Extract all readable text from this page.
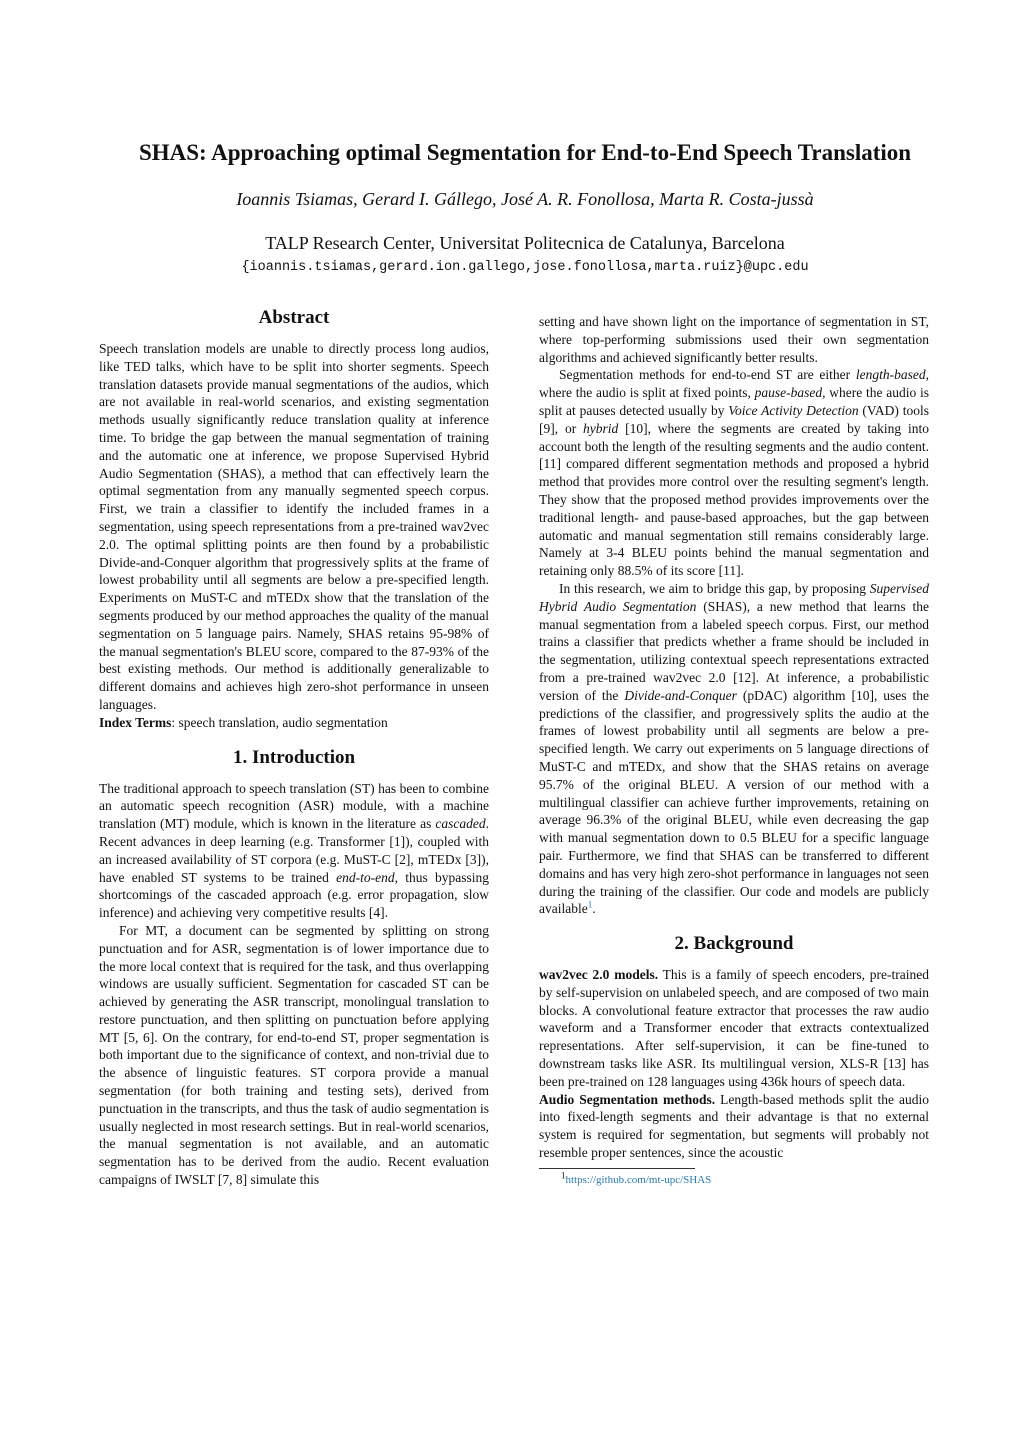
SHAS: Approaching optimal Segmentation for End-to-End Speech Translation
Ioannis Tsiamas, Gerard I. Gállego, José A. R. Fonollosa, Marta R. Costa-jussà
TALP Research Center, Universitat Politecnica de Catalunya, Barcelona
{ioannis.tsiamas,gerard.ion.gallego,jose.fonollosa,marta.ruiz}@upc.edu
Abstract

Speech translation models are unable to directly process long audios, like TED talks, which have to be split into shorter segments. Speech translation datasets provide manual segmentations of the audios, which are not available in real-world scenarios, and existing segmentation methods usually significantly reduce translation quality at inference time. To bridge the gap between the manual segmentation of training and the automatic one at inference, we propose Supervised Hybrid Audio Segmentation (SHAS), a method that can effectively learn the optimal segmentation from any manually segmented speech corpus. First, we train a classifier to identify the included frames in a segmentation, using speech representations from a pre-trained wav2vec 2.0. The optimal splitting points are then found by a probabilistic Divide-and-Conquer algorithm that progressively splits at the frame of lowest probability until all segments are below a pre-specified length. Experiments on MuST-C and mTEDx show that the translation of the segments produced by our method approaches the quality of the manual segmentation on 5 language pairs. Namely, SHAS retains 95-98% of the manual segmentation's BLEU score, compared to the 87-93% of the best existing methods. Our method is additionally generalizable to different domains and achieves high zero-shot performance in unseen languages.

Index Terms: speech translation, audio segmentation

1. Introduction

The traditional approach to speech translation (ST) has been to combine an automatic speech recognition (ASR) module, with a machine translation (MT) module, which is known in the literature as cascaded. Recent advances in deep learning (e.g. Transformer [1]), coupled with an increased availability of ST corpora (e.g. MuST-C [2], mTEDx [3]), have enabled ST systems to be trained end-to-end, thus bypassing shortcomings of the cascaded approach (e.g. error propagation, slow inference) and achieving very competitive results [4].

For MT, a document can be segmented by splitting on strong punctuation and for ASR, segmentation is of lower importance due to the more local context that is required for the task, and thus overlapping windows are usually sufficient. Segmentation for cascaded ST can be achieved by generating the ASR transcript, monolingual translation to restore punctuation, and then splitting on punctuation before applying MT [5, 6]. On the contrary, for end-to-end ST, proper segmentation is both important due to the significance of context, and non-trivial due to the absence of linguistic features. ST corpora provide a manual segmentation (for both training and testing sets), derived from punctuation in the transcripts, and thus the task of audio segmentation is usually neglected in most research settings. But in real-world scenarios, the manual segmentation is not available, and an automatic segmentation has to be derived from the audio. Recent evaluation campaigns of IWSLT [7, 8] simulate this

setting and have shown light on the importance of segmentation in ST, where top-performing submissions used their own segmentation algorithms and achieved significantly better results.

Segmentation methods for end-to-end ST are either length-based, where the audio is split at fixed points, pause-based, where the audio is split at pauses detected usually by Voice Activity Detection (VAD) tools [9], or hybrid [10], where the segments are created by taking into account both the length of the resulting segments and the audio content. [11] compared different segmentation methods and proposed a hybrid method that provides more control over the resulting segment's length. They show that the proposed method provides improvements over the traditional length- and pause-based approaches, but the gap between automatic and manual segmentation still remains considerably large. Namely at 3-4 BLEU points behind the manual segmentation and retaining only 88.5% of its score [11].

In this research, we aim to bridge this gap, by proposing Supervised Hybrid Audio Segmentation (SHAS), a new method that learns the manual segmentation from a labeled speech corpus. First, our method trains a classifier that predicts whether a frame should be included in the segmentation, utilizing contextual speech representations extracted from a pre-trained wav2vec 2.0 [12]. At inference, a probabilistic version of the Divide-and-Conquer (pDAC) algorithm [10], uses the predictions of the classifier, and progressively splits the audio at the frames of lowest probability until all segments are below a pre-specified length. We carry out experiments on 5 language directions of MuST-C and mTEDx, and show that the SHAS retains on average 95.7% of the original BLEU. A version of our method with a multilingual classifier can achieve further improvements, retaining on average 96.3% of the original BLEU, while even decreasing the gap with manual segmentation down to 0.5 BLEU for a specific language pair. Furthermore, we find that SHAS can be transferred to different domains and has very high zero-shot performance in languages not seen during the training of the classifier. Our code and models are publicly available$^1$.

2. Background

wav2vec 2.0 models. This is a family of speech encoders, pre-trained by self-supervision on unlabeled speech, and are composed of two main blocks. A convolutional feature extractor that processes the raw audio waveform and a Transformer encoder that extracts contextualized representations. After self-supervision, it can be fine-tuned to downstream tasks like ASR. Its multilingual version, XLS-R [13] has been pre-trained on 128 languages using 436k hours of speech data.

Audio Segmentation methods. Length-based methods split the audio into fixed-length segments and their advantage is that no external system is required for segmentation, but segments will probably not resemble proper sentences, since the acoustic

$^1$https://github.com/mt-upc/SHAS
